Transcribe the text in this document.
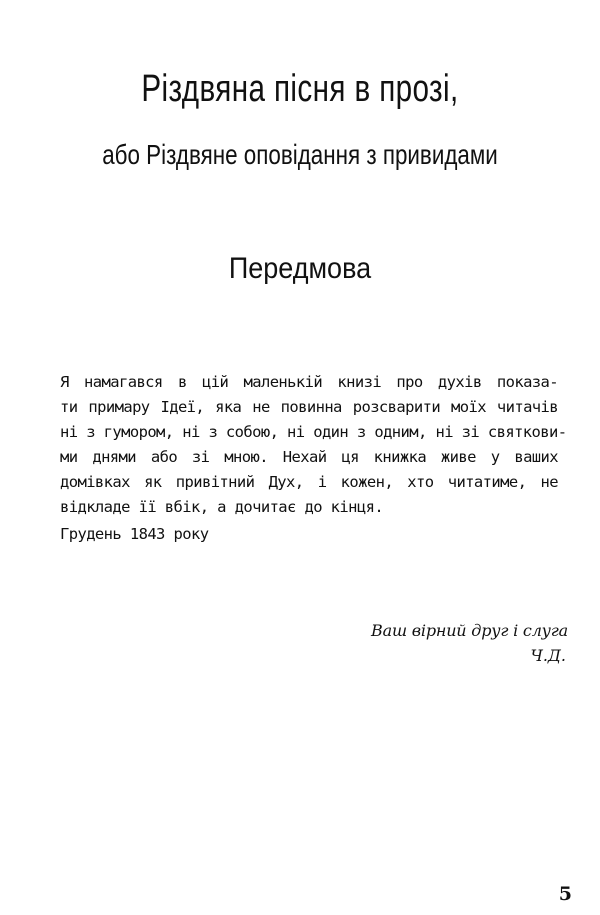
Різдвяна пісня в прозі,
або Різдвяне оповідання з привидами
Передмова
Я намагався в цій маленькій книзі про духів показа-
ти примару Ідеї, яка не повинна розсварити моїх читачів
ні з гумором, ні з собою, ні один з одним, ні зі святкови-
ми днями або зі мною. Нехай ця книжка живе у ваших
домівках як привітний Дух, і кожен, хто читатиме, не
відкладе її вбік, а дочитає до кінця.
Грудень 1843 року
Ваш вірний друг і слуга
Ч.Д.
5
